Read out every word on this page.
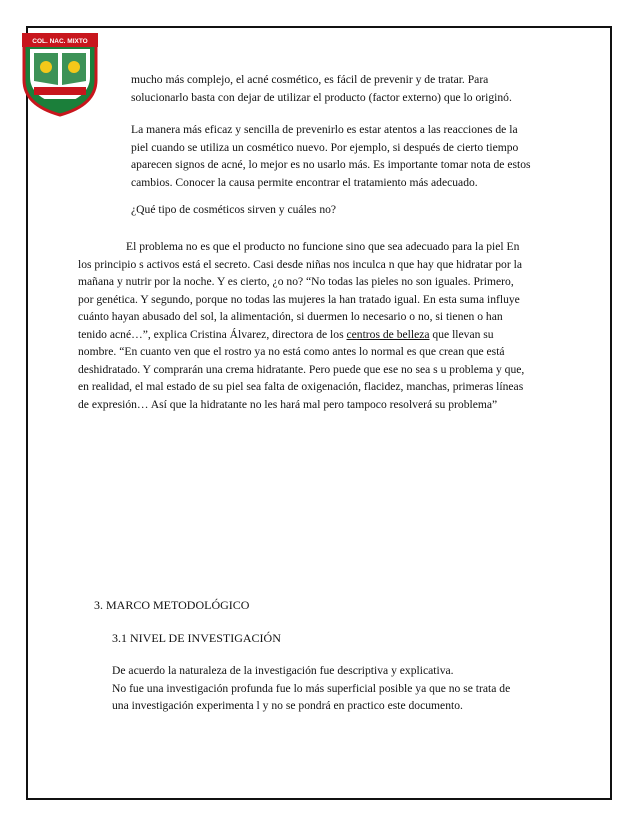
COL. NAC. MIXTO
mucho más complejo, el acné cosmético, es fácil de prevenir y de tratar. Para
solucionarlo basta con dejar de utilizar el producto (factor externo) que lo originó.
La manera más eficaz y sencilla de prevenirlo es estar atentos a las reacciones de la
piel cuando se utiliza un cosmético nuevo. Por ejemplo, si después de cierto tiempo
aparecen signos de acné, lo mejor es no usarlo más. Es importante tomar nota de estos
cambios. Conocer la causa permite encontrar el tratamiento más adecuado.

¿Qué tipo de cosméticos sirven y cuáles no?

El problema no es que el producto no funcione sino que sea adecuado para la piel En
los principio s activos está el secreto. Casi desde niñas nos inculca n que hay que hidratar por la
mañana y nutrir por la noche. Y es cierto, ¿o no? “No todas las pieles no son iguales. Primero,
por genética. Y segundo, porque no todas las mujeres la han tratado igual. En esta suma influye
cuánto hayan abusado del sol, la alimentación, si duermen lo necesario o no, si tienen o han
tenido acné…”, explica Cristina Álvarez, directora de los centros de belleza que llevan su
nombre. “En cuanto ven que el rostro ya no está como antes lo normal es que crean que está
deshidratado. Y comprarán una crema hidratante. Pero puede que ese no sea s u problema y que,
en realidad, el mal estado de su piel sea falta de oxigenación, flacidez, manchas, primeras líneas
de expresión… Así que la hidratante no les hará mal pero tampoco resolverá su problema”

3. MARCO METODOLÓGICO

3.1 NIVEL DE INVESTIGACIÓN

De acuerdo la naturaleza de la investigación fue descriptiva y explicativa.
No fue una investigación profunda fue lo más superficial posible ya que no se trata de
una investigación experimenta l y no se pondrá en practico este documento.
